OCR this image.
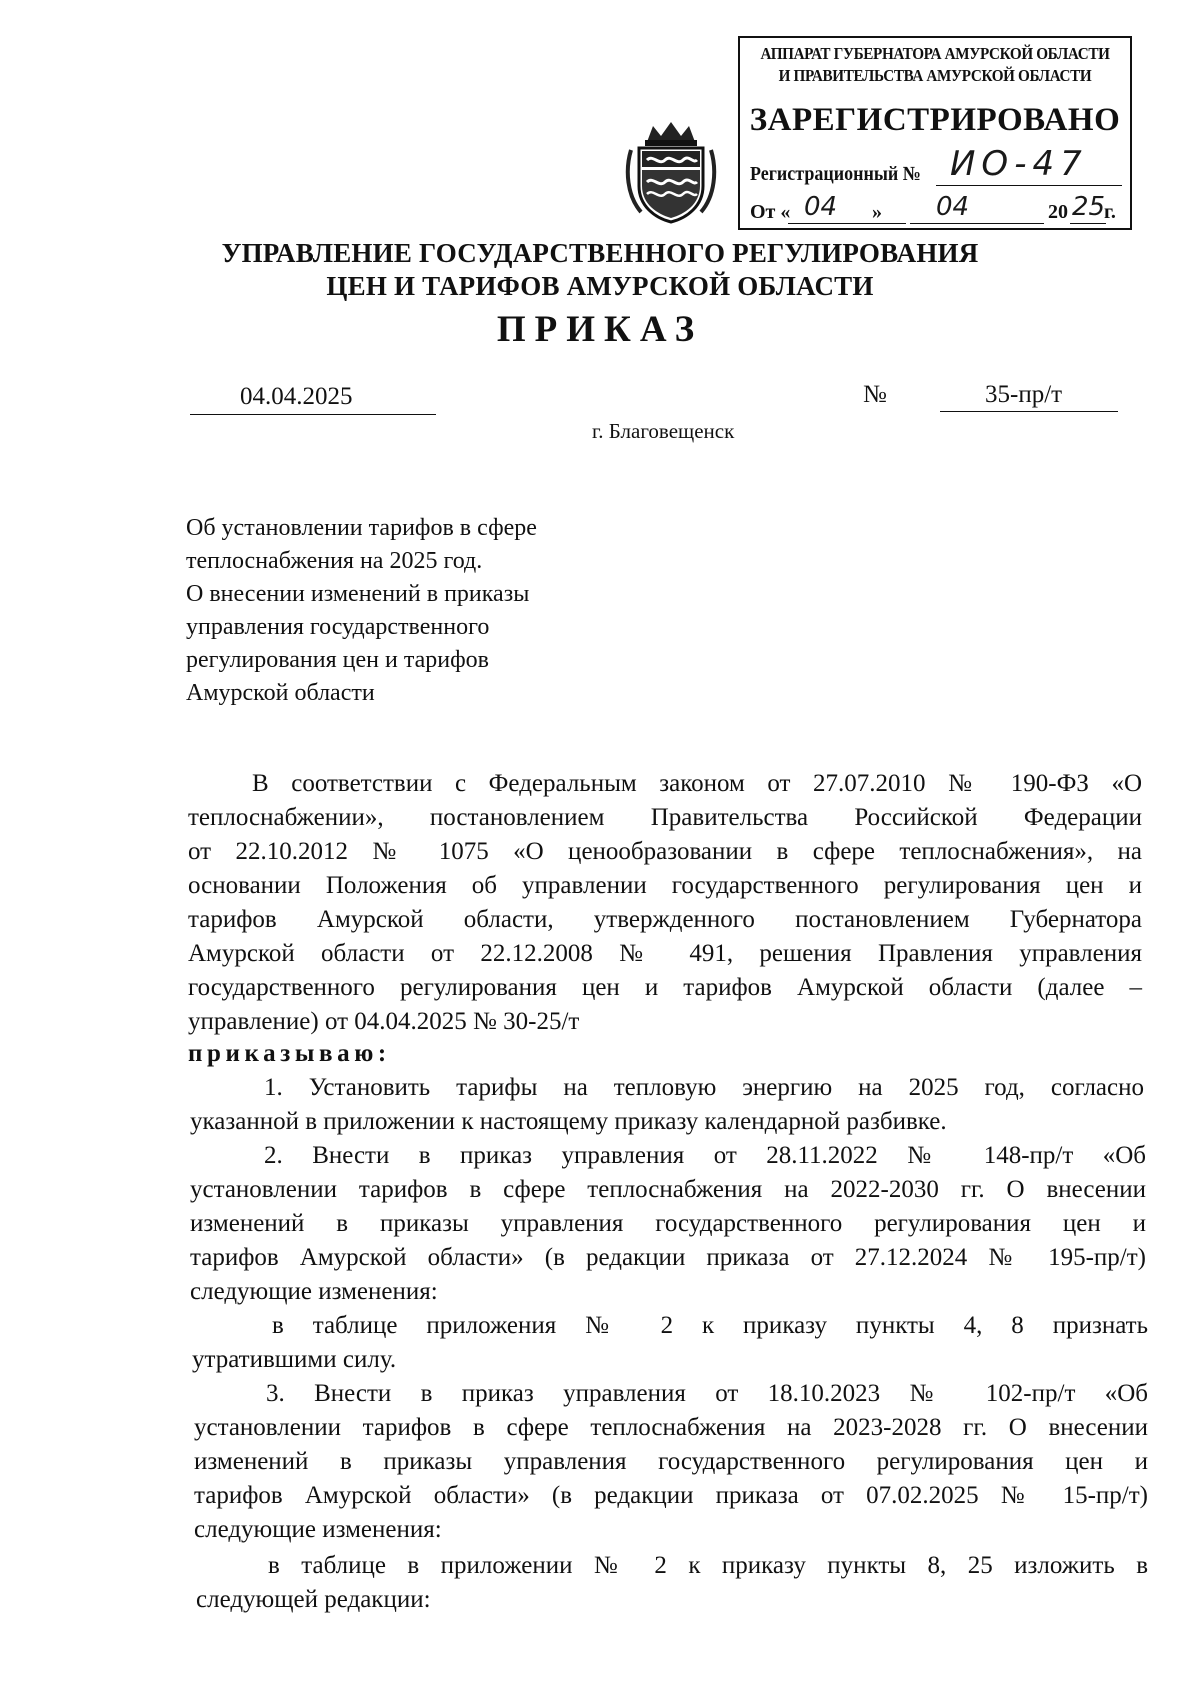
АППАРАТ ГУБЕРНАТОРА АМУРСКОЙ ОБЛАСТИ
И ПРАВИТЕЛЬСТВА АМУРСКОЙ ОБЛАСТИ
ЗАРЕГИСТРИРОВАНО
Регистрационный № ИО-47
От « 04 » 04	20 25
г.
УПРАВЛЕНИЕ ГОСУДАРСТВЕННОГО РЕГУЛИРОВАНИЯ
ЦЕН И ТАРИФОВ АМУРСКОЙ ОБЛАСТИ
ПРИКАЗ
04.04.2025	№	35-пр/т
г. Благовещенск
Об установлении тарифов в сфере
теплоснабжения на 2025 год.
О внесении изменений в приказы
управления государственного
регулирования цен и тарифов
Амурской области
В соответствии с Федеральным законом от 27.07.2010 № 190-ФЗ «О
теплоснабжении», постановлением Правительства Российской Федерации
от 22.10.2012 № 1075 «О ценообразовании в сфере теплоснабжения», на
основании Положения об управлении государственного регулирования цен и
тарифов Амурской области, утвержденного постановлением Губернатора
Амурской области от 22.12.2008 № 491, решения Правления управления
государственного регулирования цен и тарифов Амурской области (далее –
управление) от 04.04.2025 № 30-25/т
приказываю:
1. Установить тарифы на тепловую энергию на 2025 год, согласно
указанной в приложении к настоящему приказу календарной разбивке.
2. Внести в приказ управления от 28.11.2022 № 148-пр/т «Об
установлении тарифов в сфере теплоснабжения на 2022-2030 гг. О внесении
изменений в приказы управления государственного регулирования цен и
тарифов Амурской области» (в редакции приказа от 27.12.2024 № 195-пр/т)
следующие изменения:
в таблице приложения № 2 к приказу пункты 4, 8 признать
утратившими силу.
3. Внести в приказ управления от 18.10.2023 № 102-пр/т «Об
установлении тарифов в сфере теплоснабжения на 2023-2028 гг. О внесении
изменений в приказы управления государственного регулирования цен и
тарифов Амурской области» (в редакции приказа от 07.02.2025 № 15-пр/т)
следующие изменения:
в таблице в приложении № 2 к приказу пункты 8, 25 изложить в
следующей редакции:
